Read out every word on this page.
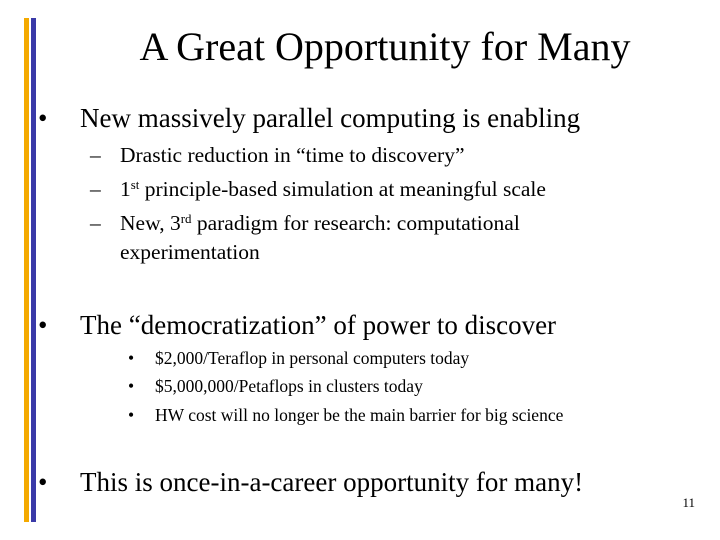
A Great Opportunity for Many
• New massively parallel computing is enabling
– Drastic reduction in “time to discovery”
– 1st principle-based simulation at meaningful scale
– New, 3rd paradigm for research: computational
experimentation
• The “democratization” of power to discover
• $2,000/Teraflop in personal computers today
• $5,000,000/Petaflops in clusters today
• HW cost will no longer be the main barrier for big science
• This is once-in-a-career opportunity for many!
11
